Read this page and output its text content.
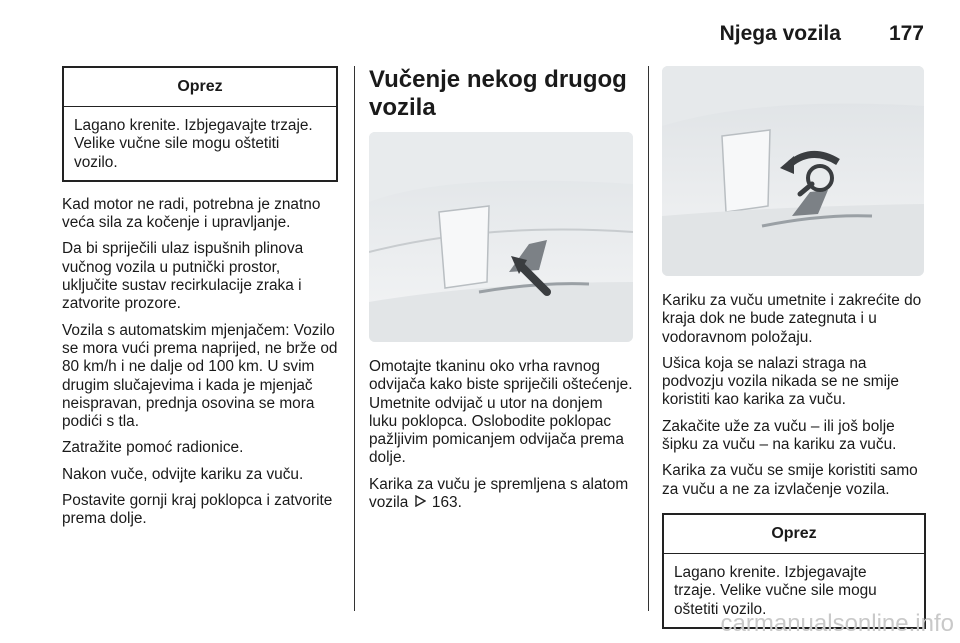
Njega vozila 177
Oprez
Lagano krenite. Izbjegavajte trzaje. Velike vučne sile mogu oštetiti vozilo.

Kad motor ne radi, potrebna je znatno veća sila za kočenje i upravljanje.

Da bi spriječili ulaz ispušnih plinova vučnog vozila u putnički prostor, uključite sustav recirkulacije zraka i zatvorite prozore.

Vozila s automatskim mjenjačem: Vozilo se mora vući prema naprijed, ne brže od 80 km/h i ne dalje od 100 km. U svim drugim slučajevima i kada je mjenjač neispravan, prednja osovina se mora podići s tla.

Zatražite pomoć radionice.

Nakon vuče, odvijte kariku za vuču.

Postavite gornji kraj poklopca i zatvorite prema dolje.

Vučenje nekog drugog vozila

Omotajte tkaninu oko vrha ravnog odvijača kako biste spriječili oštećenje. Umetnite odvijač u utor na donjem luku poklopca. Oslobodite poklopac pažljivim pomicanjem odvijača prema dolje.

Karika za vuču je spremljena s alatom vozila 163.

Kariku za vuču umetnite i zakrećite do kraja dok ne bude zategnuta i u vodoravnom položaju.

Ušica koja se nalazi straga na podvozju vozila nikada se ne smije koristiti kao karika za vuču.

Zakačite uže za vuču – ili još bolje šipku za vuču – na kariku za vuču.

Karika za vuču se smije koristiti samo za vuču a ne za izvlačenje vozila.

Oprez
Lagano krenite. Izbjegavajte trzaje. Velike vučne sile mogu oštetiti vozilo.
carmanualsonline.info
